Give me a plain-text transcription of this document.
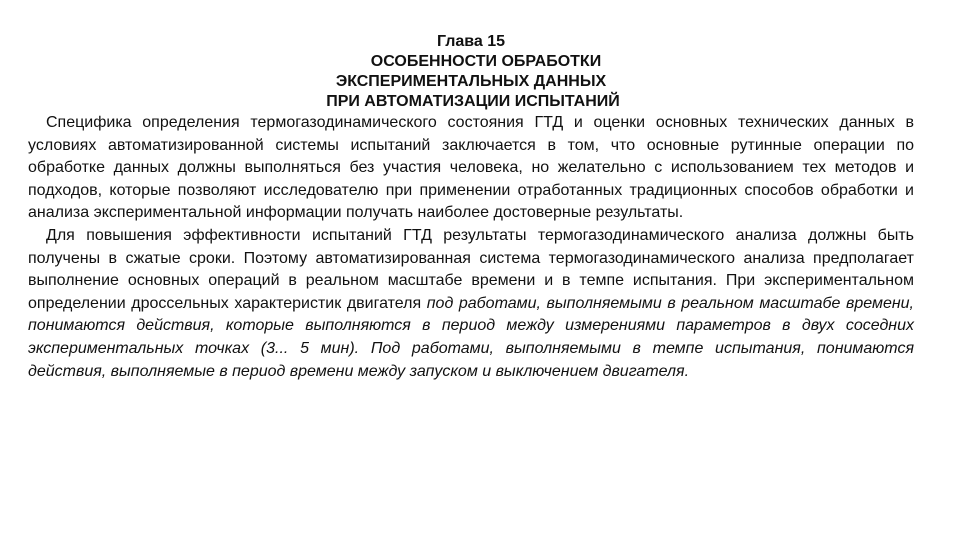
Глава 15
ОСОБЕННОСТИ ОБРАБОТКИ
ЭКСПЕРИМЕНТАЛЬНЫХ ДАННЫХ
ПРИ АВТОМАТИЗАЦИИ ИСПЫТАНИЙ

Специфика определения термогазодинамического состояния ГТД и оценки основных технических данных в условиях автоматизированной системы испытаний заключается в том, что основные рутинные операции по обработке данных должны выполняться без участия человека, но желательно с использованием тех методов и подходов, которые позволяют исследователю при применении отработанных традиционных способов обработки и анализа экспериментальной информации получать наиболее достоверные результаты.

Для повышения эффективности испытаний ГТД результаты термогазодинамического анализа должны быть получены в сжатые сроки. Поэтому автоматизированная система термогазодинамического анализа предполагает выполнение основных операций в реальном масштабе времени и в темпе испытания. При экспериментальном определении дроссельных характеристик двигателя под работами, выполняемыми в реальном масштабе времени, понимаются действия, которые выполняются в период между измерениями параметров в двух соседних экспериментальных точках (3... 5 мин). Под работами, выполняемыми в темпе испытания, понимаются действия, выполняемые в период времени между запуском и выключением двигателя.
